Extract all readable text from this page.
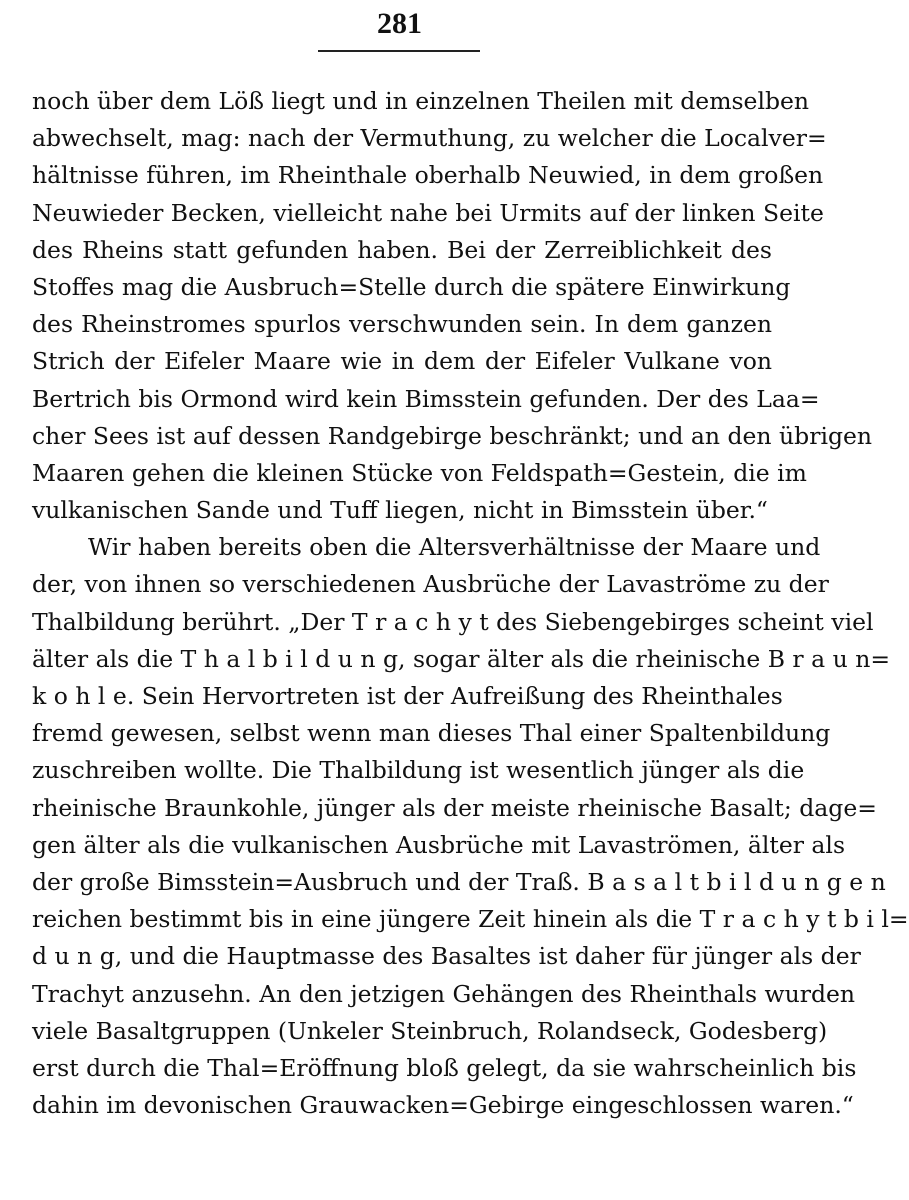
281
noch über dem Löß liegt und in einzelnen Theilen mit demselben
abwechselt, mag: nach der Vermuthung, zu welcher die Localver=
hältnisse führen, im Rheinthale oberhalb Neuwied, in dem großen
Neuwieder Becken, vielleicht nahe bei Urmits auf der linken Seite
des Rheins statt gefunden haben. Bei der Zerreiblichkeit des
Stoffes mag die Ausbruch=Stelle durch die spätere Einwirkung
des Rheinstromes spurlos verschwunden sein. In dem ganzen
Strich der Eifeler Maare wie in dem der Eifeler Vulkane von
Bertrich bis Ormond wird kein Bimsstein gefunden. Der des Laa=
cher Sees ist auf dessen Randgebirge beschränkt; und an den übrigen
Maaren gehen die kleinen Stücke von Feldspath=Gestein, die im
vulkanischen Sande und Tuff liegen, nicht in Bimsstein über.“
Wir haben bereits oben die Altersverhältnisse der Maare und
der, von ihnen so verschiedenen Ausbrüche der Lavaströme zu der
Thalbildung berührt. „Der T r a c h y t des Siebengebirges scheint viel
älter als die T h a l b i l d u n g, sogar älter als die rheinische B r a u n=
k o h l e. Sein Hervortreten ist der Aufreißung des Rheinthales
fremd gewesen, selbst wenn man dieses Thal einer Spaltenbildung
zuschreiben wollte. Die Thalbildung ist wesentlich jünger als die
rheinische Braunkohle, jünger als der meiste rheinische Basalt; dage=
gen älter als die vulkanischen Ausbrüche mit Lavaströmen, älter als
der große Bimsstein=Ausbruch und der Traß. B a s a l t b i l d u n g e n
reichen bestimmt bis in eine jüngere Zeit hinein als die T r a c h y t b i l=
d u n g, und die Hauptmasse des Basaltes ist daher für jünger als der
Trachyt anzusehn. An den jetzigen Gehängen des Rheinthals wurden
viele Basaltgruppen (Unkeler Steinbruch, Rolandseck, Godesberg)
erst durch die Thal=Eröffnung bloß gelegt, da sie wahrscheinlich bis
dahin im devonischen Grauwacken=Gebirge eingeschlossen waren.“
